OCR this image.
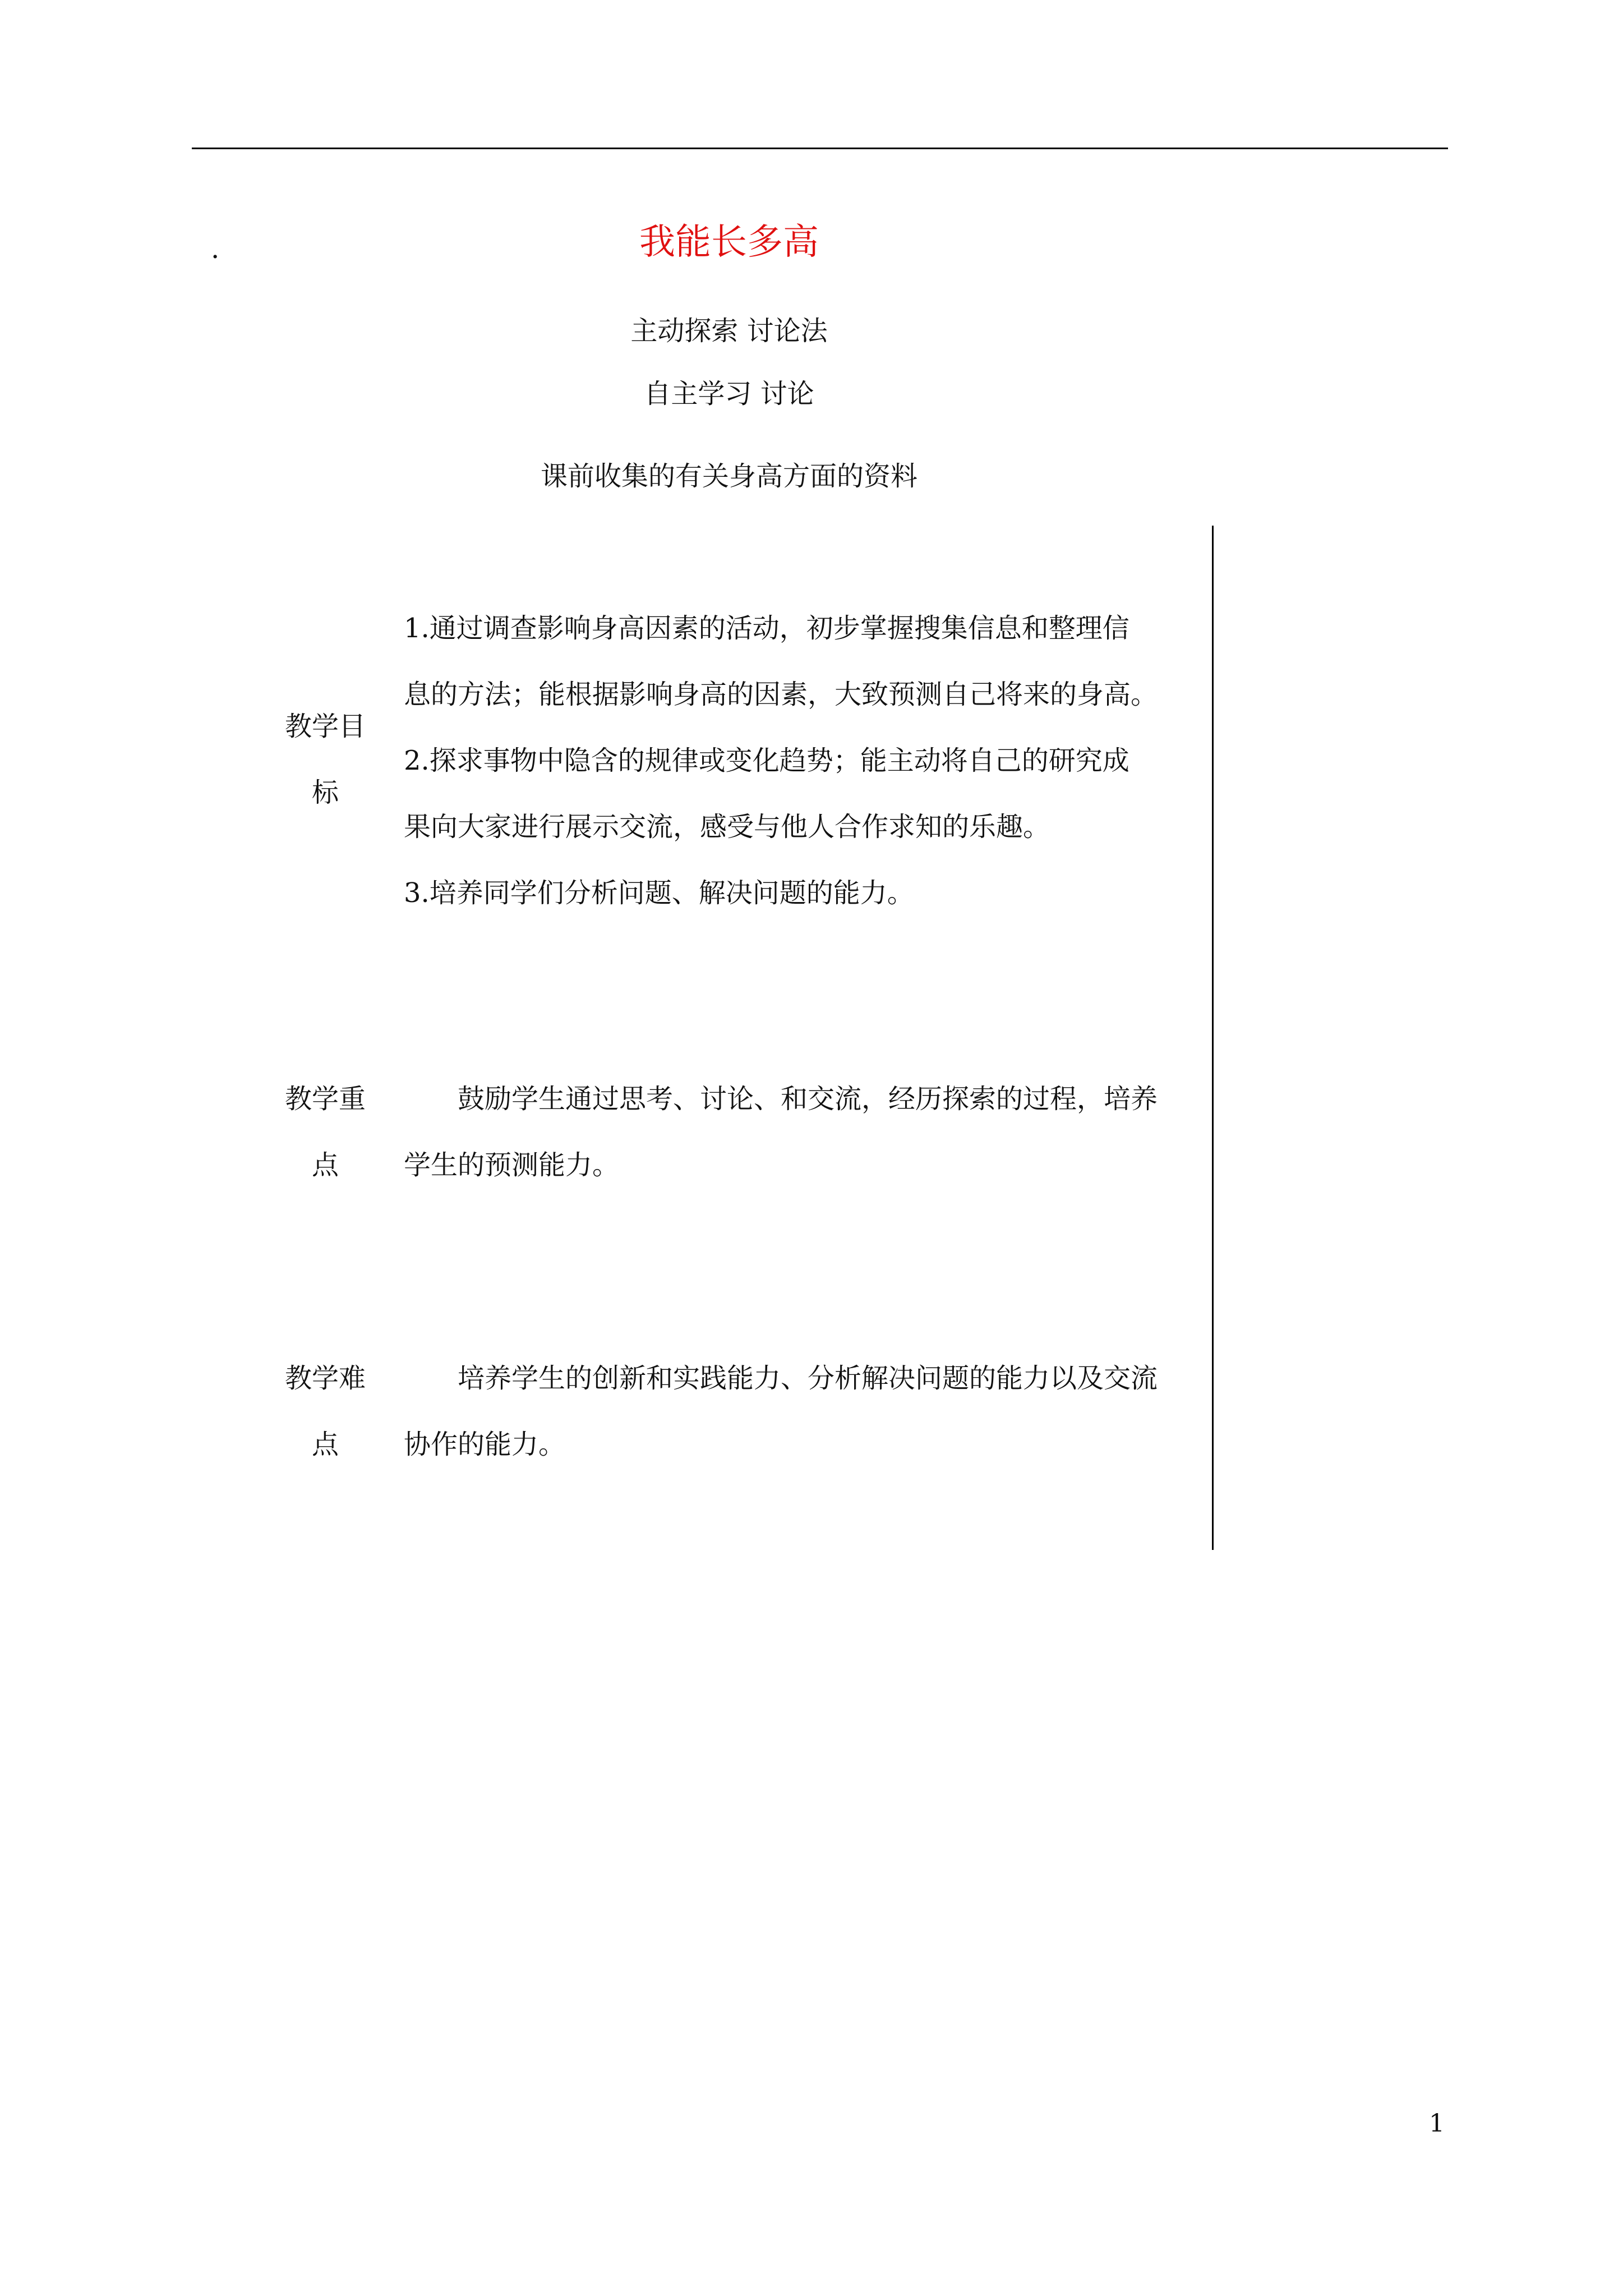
.	我能长多高
主动探索 讨论法
自主学习 讨论
课前收集的有关身高方面的资料
教学目
标

1.通过调查影响身高因素的活动，初步掌握搜集信息和整理信

息的方法；能根据影响身高的因素，大致预测自己将来的身高。

2.探求事物中隐含的规律或变化趋势；能主动将自己的研究成

果向大家进行展示交流，感受与他人合作求知的乐趣。

3.培养同学们分析问题、解决问题的能力。

教学重
点

鼓励学生通过思考、讨论、和交流，经历探索的过程，培养

学生的预测能力。

教学难
点

培养学生的创新和实践能力、分析解决问题的能力以及交流

协作的能力。

1
